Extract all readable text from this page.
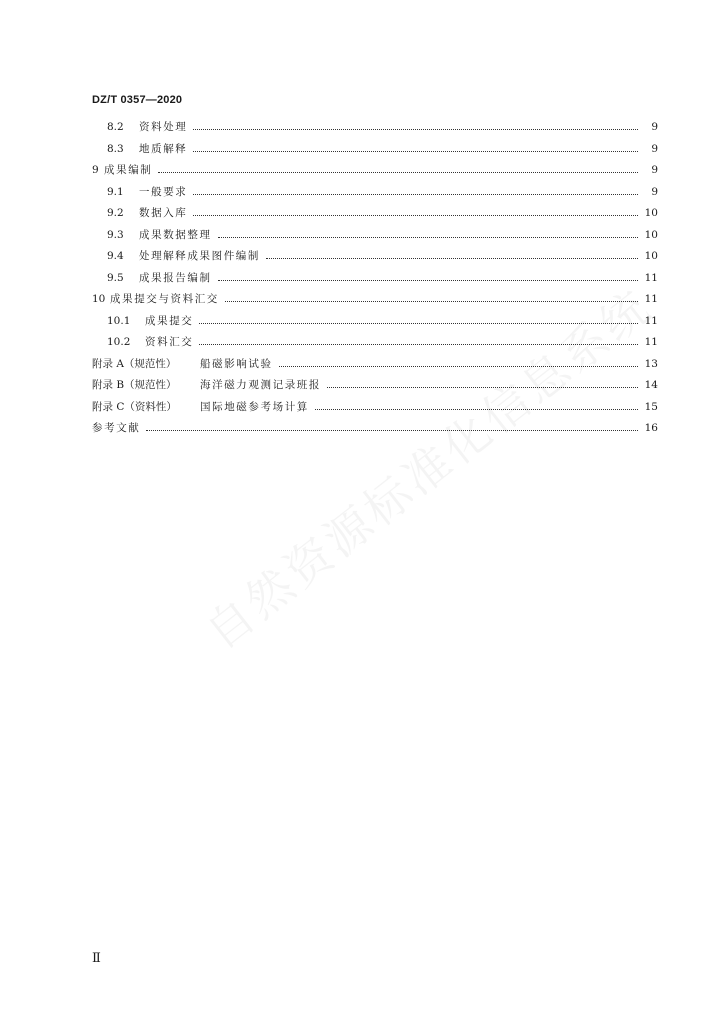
DZ/T 0357—2020
8.2	资料处理	9
8.3	地质解释	9
9 成果编制	9
9.1	一般要求	9
9.2	数据入库	10
9.3	成果数据整理	10
9.4	处理解释成果图件编制	10
9.5	成果报告编制	11
10 成果提交与资料汇交	11
10.1	成果提交	11
10.2	资料汇交	11
附录 A（规范性）	船磁影响试验	13
附录 B（规范性）	海洋磁力观测记录班报	14
附录 C（资料性）	国际地磁参考场计算	15
参考文献	16
Ⅱ
